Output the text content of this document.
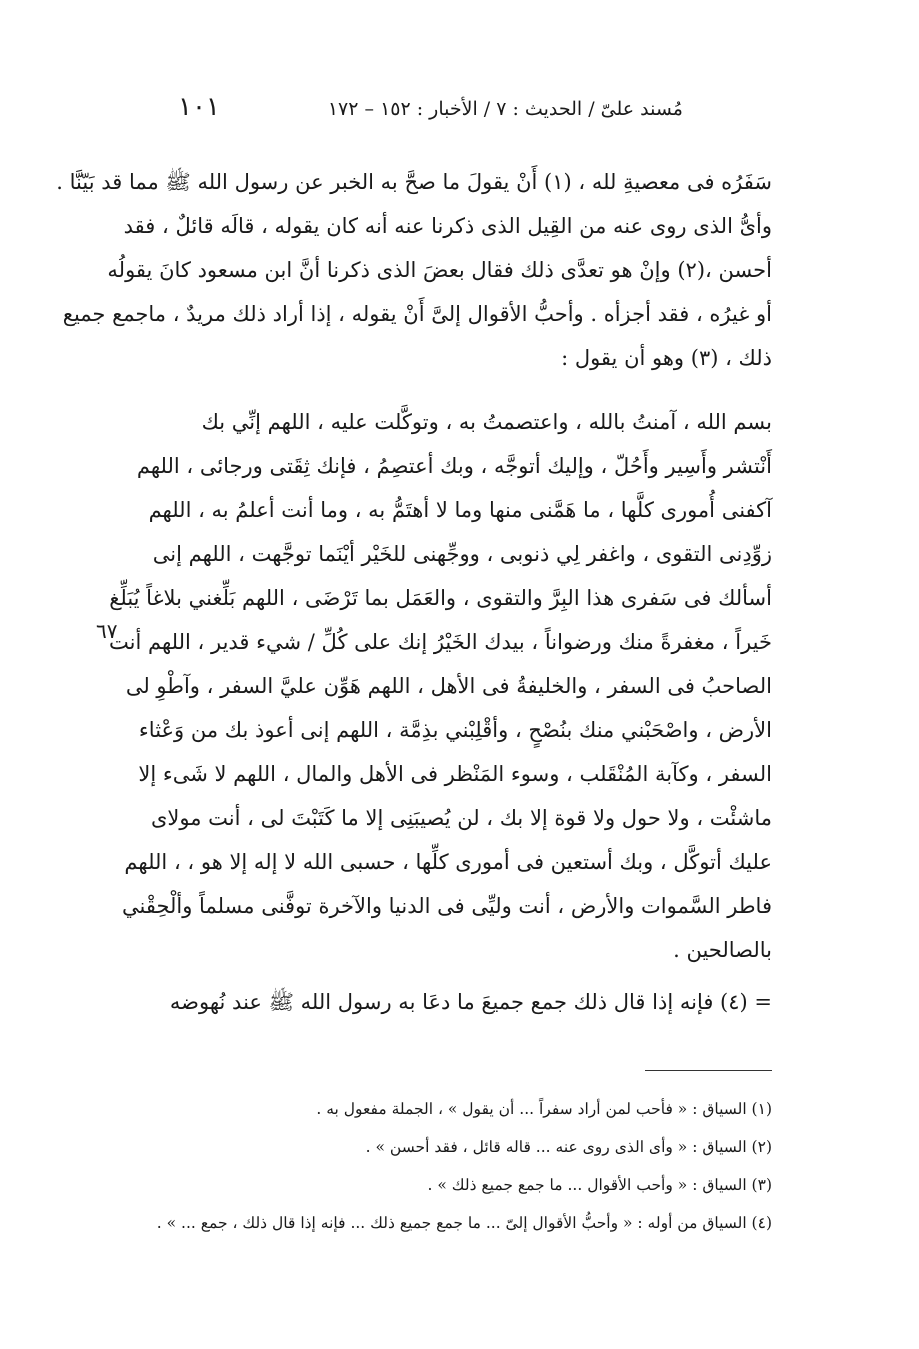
١٠١	مُسند علىّ / الحديث : ٧ / الأخبار : ١٥٢ – ١٧٢
سَفَرُه فى معصيةِ لله ، (١) أَنْ يقولَ ما صحَّ به الخبر عن رسول الله ﷺ مما قد بَيّنَّا .
وأىُّ الذى روى عنه من القِيل الذى ذكرنا عنه أنه كان يقوله ، قالَه قائلٌ ، فقد
أحسن ،(٢) وإنْ هو تعدَّى ذلك فقال بعضَ الذى ذكرنا أنَّ ابن مسعود كانَ يقولُه
أو غيرُه ، فقد أجزأه . وأحبُّ الأقوال إلىَّ أَنْ يقوله ، إذا أراد ذلك مريدٌ ، ماجمع جميع
ذلك ، (٣) وهو أن يقول :
بسم الله ، آمنتُ بالله ، واعتصمتُ به ، وتوكَّلت عليه ، اللهم إنِّي بك
أَنْتشر وأَسِير وأَحُلّ ، وإليك أتوجَّه ، وبك أعتصِمُ ، فإنك ثِقَتى ورجائى ، اللهم
آكفنى أُمورى كلَّها ، ما هَمَّنى منها وما لا أهتَمُّ به ، وما أنت أعلمُ به ، اللهم
زوِّدِنى التقوى ، واغفر لِي ذنوبى ، ووجِّهنى للخَيْر أيْنَما توجَّهت ، اللهم إنى
أسألك فى سَفرى هذا البِرَّ والتقوى ، والعَمَل بما تَرْضَى ، اللهم بَلِّغني بلاغاً يُبَلِّغ
خَيراً ، مغفرةً منك ورضواناً ، بيدك الخَيْرُ إنك على كُلِّ / شيء قدير ، اللهم أنت
الصاحبُ فى السفر ، والخليفةُ فى الأهل ، اللهم هَوِّن عليَّ السفر ، وآطْوِ لى
الأرض ، واصْحَبْني منك بنُصْحٍ ، وأقْلِبْني بذِمَّة ، اللهم إنى أعوذ بك من وَعْثاء
السفر ، وكآبة المُنْقَلب ، وسوء المَنْظر فى الأهل والمال ، اللهم لا شَىء إلا
ماشئْت ، ولا حول ولا قوة إلا بك ، لن يُصيبَنِى إلا ما كَتَبْتَ لى ، أنت مولاى
عليك أتوكَّل ، وبك أستعين فى أمورى كلِّها ، حسبى الله لا إله إلا هو ، ، اللهم
فاطر السَّموات والأرض ، أنت وليِّى فى الدنيا والآخرة توفَّنى مسلماً وألْحِقْني
بالصالحين .
٦٧
= (٤) فإنه إذا قال ذلك جمع جميعَ ما دعَا به رسول الله ﷺ عند نُهوضه
(١) السياق : « فأحب لمن أراد سفراً ... أن يقول » ، الجملة مفعول به .
(٢) السياق : « وأى الذى روى عنه ... قاله قائل ، فقد أحسن » .
(٣) السياق : « وأحب الأقوال ... ما جمع جميع ذلك » .
(٤) السياق من أوله : « وأحبُّ الأقوال إلىّ ... ما جمع جميع ذلك ... فإنه إذا قال ذلك ، جمع ... » .
